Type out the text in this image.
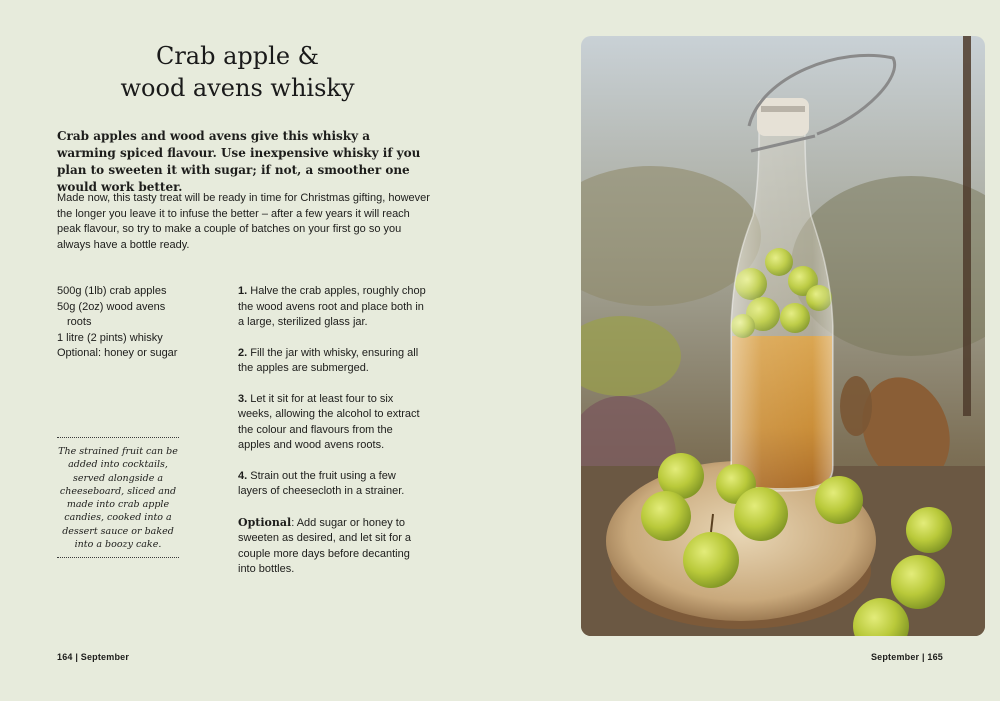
Crab apple &
wood avens whisky

Crab apples and wood avens give this whisky a warming spiced flavour. Use inexpensive whisky if you plan to sweeten it with sugar; if not, a smoother one would work better.

Made now, this tasty treat will be ready in time for Christmas gifting, however the longer you leave it to infuse the better – after a few years it will reach peak flavour, so try to make a couple of batches on your first go so you always have a bottle ready.

500g (1lb) crab apples
50g (2oz) wood avens
roots
1 litre (2 pints) whisky
Optional: honey or sugar
The strained fruit can be added into cocktails, served alongside a cheeseboard, sliced and made into crab apple candies, cooked into a dessert sauce or baked into a boozy cake.

1. Halve the crab apples, roughly chop the wood avens root and place both in a large, sterilized glass jar.

2. Fill the jar with whisky, ensuring all the apples are submerged.

3. Let it sit for at least four to six weeks, allowing the alcohol to extract the colour and flavours from the apples and wood avens roots.

4. Strain out the fruit using a few layers of cheesecloth in a strainer.

Optional: Add sugar or honey to sweeten as desired, and let sit for a couple more days before decanting into bottles.

164 | September	September | 165
